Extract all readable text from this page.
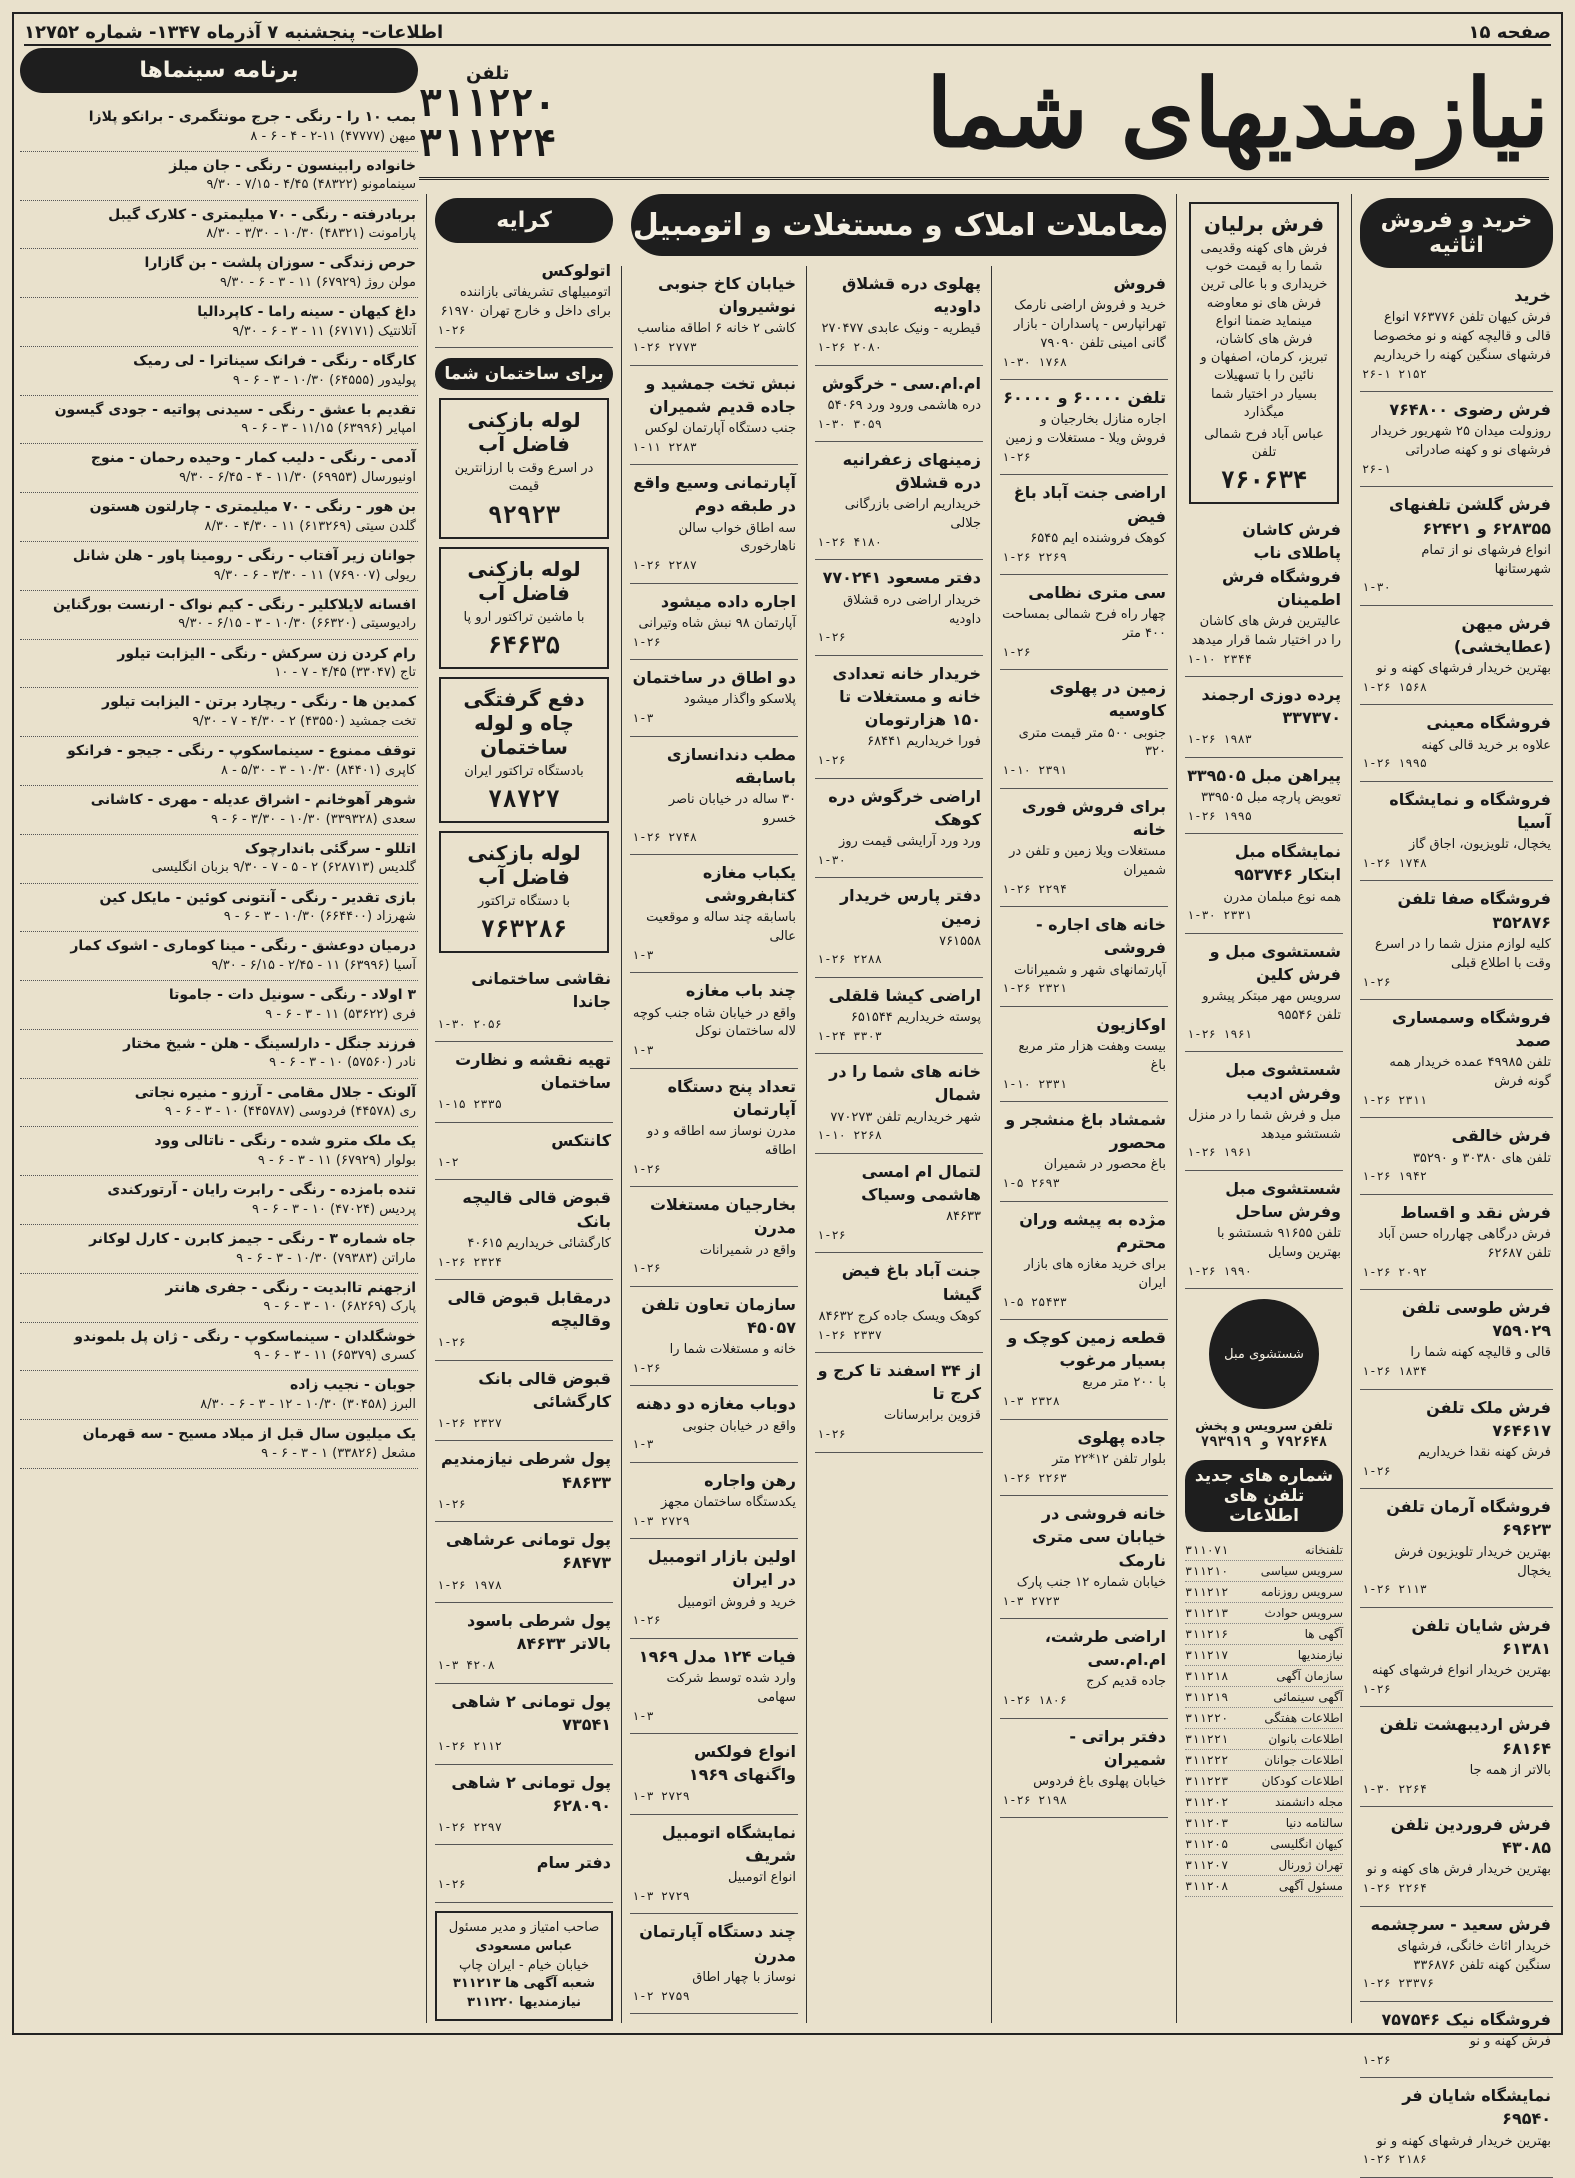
صفحه ۱۵
اطلاعات- پنجشنبه ۷ آذرماه ۱۳۴۷- شماره ۱۲۷۵۲
نیازمندیهای شما
تلفن
۳۱۱۲۲۰
۳۱۱۲۲۴
خرید و فروش اثاثیه
خرید
فرش کیهان تلفن ۷۶۳۷۷۶ انواع قالی و قالیچه کهنه و نو مخصوصا فرشهای سنگین کهنه را خریداریم
۲۶-۱ ۲۱۵۲
فرش رضوی ۷۶۴۸۰۰
روزولت میدان ۲۵ شهریور خریدار فرشهای نو و کهنه صادراتی
۲۶-۱
فرش گلشن تلفنهای ۶۲۸۳۵۵ و ۶۲۴۲۱
انواع فرشهای نو از تمام شهرستانها
۱-۳۰
فرش میهن (عطایخشی)
بهترین خریدار فرشهای کهنه و نو
۱-۲۶ ۱۵۶۸
فروشگاه معینی
علاوه بر خرید قالی کهنه
۱-۲۶ ۱۹۹۵
فروشگاه و نمایشگاه آسیا
یخچال، تلویزیون، اجاق گاز
۱-۲۶ ۱۷۴۸
فروشگاه صفا تلفن ۳۵۲۸۷۶
کلیه لوازم منزل شما را در اسرع وقت با اطلاع قبلی
۱-۲۶
فروشگاه وسمساری صمد
تلفن ۴۹۹۸۵ عمده خریدار همه گونه فرش
۱-۲۶ ۲۳۱۱
فرش خالقی
تلفن های ۳۰۳۸۰ و ۳۵۲۹۰
۱-۲۶ ۱۹۴۲
فرش نقد و اقساط
فرش درگاهی چهارراه حسن آباد تلفن ۶۲۶۸۷
۱-۲۶ ۲۰۹۲
فرش طوسی تلفن ۷۵۹۰۲۹
قالی و قالیچه کهنه شما را
۱-۲۶ ۱۸۳۴
فرش ملک تلفن ۷۶۴۶۱۷
فرش کهنه نقدا خریداریم
۱-۲۶
فروشگاه آرمان تلفن ۶۹۶۲۳
بهترین خریدار تلویزیون فرش یخچال
۱-۲۶ ۲۱۱۳
فرش شایان تلفن ۶۱۳۸۱
بهترین خریدار انواع فرشهای کهنه
۱-۲۶
فرش اردیبهشت تلفن ۶۸۱۶۴
بالاتر از همه جا
۱-۳۰ ۲۲۶۴
فرش فروردین تلفن ۴۳۰۸۵
بهترین خریدار فرش های کهنه و نو
۱-۲۶ ۲۲۶۴
فرش سعید - سرچشمه
خریدار اثاث خانگی، فرشهای سنگین کهنه تلفن ۳۳۶۸۷۶
۱-۲۶ ۲۳۳۷۶
فروشگاه نیک ۷۵۷۵۴۶
فرش کهنه و نو
۱-۲۶
نمایشگاه شایان فر ۶۹۵۴۰
بهترین خریدار فرشهای کهنه و نو
۱-۲۶ ۲۱۸۶
فرش برلیان
فرش های کهنه وقدیمی شما را به قیمت خوب خریداری و با عالی ترین فرش های نو معاوضه مینماید ضمنا انواع فرش های کاشان، تبریز، کرمان، اصفهان و نائین را با تسهیلات بسیار در اختیار شما میگذارد
عباس آباد فرح شمالی تلفن
۷۶۰۶۳۴
فرش کاشان پاطلای ناب فروشگاه فرش اطمینان
عالیترین فرش های کاشان را در اختیار شما قرار میدهد
۱-۱۰ ۲۳۴۴
پرده دوزی ارجمند ۳۳۷۳۷۰
۱-۲۶ ۱۹۸۳
پیراهن مبل ۳۳۹۵۰۵
تعویض پارچه مبل ۳۳۹۵۰۵
۱-۲۶ ۱۹۹۵
نمایشگاه مبل ابتکار ۹۵۳۷۴۶
همه نوع مبلمان مدرن
۱-۳۰ ۲۳۳۱
شستشوی مبل و فرش کلین
سرویس مهر مبتکر پیشرو تلفن ۹۵۵۴۶
۱-۲۶ ۱۹۶۱
شستشوی مبل وفرش ادیب
مبل و فرش شما را در منزل شستشو میدهد
۱-۲۶ ۱۹۶۱
شستشوی مبل وفرش ساحل
تلفن ۹۱۶۵۵ شستشو با بهترین وسایل
۱-۲۶ ۱۹۹۰
شستشوی مبل
تلفن سرویس و پخش
۷۹۲۶۴۸ و ۷۹۳۹۱۹
شماره های جدید تلفن های اطلاعات
تلفنخانه
۳۱۱۰۷۱
سرویس سیاسی
۳۱۱۲۱۰
سرویس روزنامه
۳۱۱۲۱۲
سرویس حوادث
۳۱۱۲۱۳
آگهی ها
۳۱۱۲۱۶
نیازمندیها
۳۱۱۲۱۷
سازمان آگهی
۳۱۱۲۱۸
آگهی سینمائی
۳۱۱۲۱۹
اطلاعات هفتگی
۳۱۱۲۲۰
اطلاعات بانوان
۳۱۱۲۲۱
اطلاعات جوانان
۳۱۱۲۲۲
اطلاعات کودکان
۳۱۱۲۲۳
مجله دانشمند
۳۱۱۲۰۲
سالنامه دنیا
۳۱۱۲۰۳
کیهان انگلیسی
۳۱۱۲۰۵
تهران ژورنال
۳۱۱۲۰۷
مسئول آگهی
۳۱۱۲۰۸
معاملات املاک و مستغلات و اتومبیل
فروش
خرید و فروش اراضی نارمک تهرانپارس - پاسداران - بازار گانی امینی تلفن ۷۹۰۹۰
۱-۳۰ ۱۷۶۸
تلفن ۶۰۰۰۰ و ۶۰۰۰۰
اجاره منازل بخارجیان و فروش ویلا - مستغلات و زمین
۱-۲۶
اراضی جنت آباد باغ فیض
کوهک فروشنده ایم ۶۵۴۵
۱-۲۶ ۲۲۶۹
سی متری نظامی
چهار راه فرح شمالی بمساحت ۴۰۰ متر
۱-۲۶
زمین در پهلوی کاوسیه
جنوبی ۵۰۰ متر قیمت متری ۳۲۰
۱-۱۰ ۲۳۹۱
برای فروش فوری خانه
مستغلات ویلا زمین و تلفن در شمیران
۱-۲۶ ۲۲۹۴
خانه های اجاره - فروشی
آپارتمانهای شهر و شمیرانات
۱-۲۶ ۲۳۲۱
اوکازیون
بیست وهفت هزار متر مربع باغ
۱-۱۰ ۲۳۳۱
شمشاد باغ منشجر و محصور
باغ محصور در شمیران
۱-۵ ۲۶۹۳
مژده به پیشه وران محترم
برای خرید مغازه های بازار ایران
۱-۵ ۲۵۴۳۳
قطعه زمین کوچک و بسیار مرغوب
با ۲۰۰ متر مربع
۱-۳ ۲۳۲۸
جاده پهلوی
بلوار تلفن ۱۲*۲۲ متر
۱-۲۶ ۲۲۶۳
خانه فروشی در خیابان سی متری نارمک
خیابان شماره ۱۲ جنب پارک
۱-۳ ۲۷۲۳
اراضی طرشت، ام.ام.سی
جاده قدیم کرج
۱-۲۶ ۱۸۰۶
دفتر براتی - شمیران
خیابان پهلوی باغ فردوس
۱-۲۶ ۲۱۹۸
پهلوی دره قشلاق داودیه
قیطریه - ونیک عابدی ۲۷۰۴۷۷
۱-۲۶ ۲۰۸۰
ام.ام.سی - خرگوش
دره هاشمی ورود ورد ۵۴۰۶۹
۱-۳۰ ۳۰۵۹
زمینهای زعفرانیه دره قشلاق
خریداریم اراضی بازرگانی جلالی
۱-۲۶ ۴۱۸۰
دفتر مسعود ۷۷۰۲۴۱
خریدار اراضی دره قشلاق داودیه
۱-۲۶
خریدار خانه تعدادی خانه و مستغلات تا ۱۵۰ هزارتومان
فورا خریداریم ۶۸۴۴۱
۱-۲۶
اراضی خرگوش دره کوهک
ورد ورد آرایشی قیمت روز
۱-۳۰
دفتر پارس خریدار زمین
۷۶۱۵۵۸
۱-۲۶ ۲۲۸۸
اراضی کیشا قلقلی
پوسته خریداریم ۶۵۱۵۴۴
۱-۲۴ ۳۳۰۳
خانه های شما را در شمال
شهر خریداریم تلفن ۷۷۰۲۷۳
۱-۱۰ ۲۲۶۸
لتمال ام امسی هاشمی وسیاک
۸۴۶۳۳
۱-۲۶
جنت آباد باغ فیض گیشا
کوهک ویسک جاده کرج ۸۴۶۳۲
۱-۲۶ ۲۳۳۷
از ۳۴ اسفند تا کرج و کرج تا
قزوین برابرسانات
۱-۲۶
خیابان کاخ جنوبی نوشیروان
کاشی ۲ خانه ۶ اطاقه مناسب
۱-۲۶ ۲۷۷۳
نبش تخت جمشید و جاده قدیم شمیران
جنب دستگاه آپارتمان لوکس
۱-۱۱ ۲۲۸۳
آپارتمانی وسیع واقع در طبقه دوم
سه اطاق خواب سالن ناهارخوری
۱-۲۶ ۲۲۸۷
اجاره داده میشود
آپارتمان ۹۸ نبش شاه وتیرانی
۱-۲۶
دو اطاق در ساختمان
پلاسکو واگذار میشود
۱-۳
مطب دندانسازی باسابقه
۳۰ ساله در خیابان ناصر خسرو
۱-۲۶ ۲۷۴۸
یکباب مغازه کتابفروشی
باسابقه چند ساله و موقعیت عالی
۱-۳
چند باب مغازه
واقع در خیابان شاه جنب کوچه لاله ساختمان نوکل
۱-۳
تعداد پنج دستگاه آپارتمان
مدرن نوساز سه اطاقه و دو اطاقه
۱-۲۶
بخارجیان مستغلات مدرن
واقع در شمیرانات
۱-۲۶
سازمان تعاون تلفن ۴۵۰۵۷
خانه و مستغلات شما را
۱-۲۶
دوباب مغازه دو دهنه
واقع در خیابان جنوبی
۱-۳
رهن واجاره
یکدستگاه ساختمان مجهز
۱-۳ ۲۷۲۹
اولین بازار اتومبیل در ایران
خرید و فروش اتومبیل
۱-۲۶
فیات ۱۲۴ مدل ۱۹۶۹
وارد شده توسط شرکت سهامی
۱-۳
انواع فولکس واگنهای ۱۹۶۹
۱-۳ ۲۷۲۹
نمایشگاه اتومبیل شریف
انواع اتومبیل
۱-۳ ۲۷۲۹
چند دستگاه آپارتمان مدرن
نوساز با چهار اطاق
۱-۲ ۲۷۵۹
کرایه
اتولوکس
اتومبیلهای تشریفاتی بازاننده برای داخل و خارج تهران ۶۱۹۷۰
۱-۲۶
برای ساختمان شما
لوله بازکنی فاضل آب
در اسرع وقت با ارزانترین قیمت
۹۲۹۲۳
لوله بازکنی فاضل آب
با ماشین تراکتور ارو پا
۶۴۶۳۵
دفع گرفتگی چاه و لوله ساختمان
بادستگاه تراکتور ایران
۷۸۷۲۷
لوله بازکنی فاضل آب
با دستگاه تراکتور
۷۶۳۲۸۶
نقاشی ساختمانی جاندا
۱-۳۰ ۲۰۵۶
تهیه نقشه و نظارت ساختمان
۱-۱۵ ۲۳۳۵
کانتکس
۱-۲
قبوض قالی قالیچه بانک
کارگشائی خریداریم ۴۰۶۱۵
۱-۲۶ ۲۳۲۴
درمقابل قبوض قالی وقالیچه
۱-۲۶
قبوض قالی بانک کارگشائی
۱-۲۶ ۲۳۲۷
پول شرطی نیازمندیم ۴۸۶۳۳
۱-۲۶
پول تومانی عرشاهی ۶۸۴۷۳
۱-۲۶ ۱۹۷۸
پول شرطی باسود بالاتر ۸۴۶۳۳
۱-۳ ۴۲۰۸
پول تومانی ۲ شاهی ۷۳۵۴۱
۱-۲۶ ۲۱۱۲
پول تومانی ۲ شاهی ۶۲۸۰۹۰
۱-۲۶ ۲۲۹۷
دفتر سام
۱-۲۶
صاحب امتیاز و مدیر مسئول
عباس مسعودی
خیابان خیام - ایران چاپ
شعبه آگهی ها ۳۱۱۲۱۳
نیازمندیها ۳۱۱۲۲۰
برنامه سینماها
بمب ۱۰ را - رنگی - جرج مونتگمری - برانکو پلازا
میهن (۴۷۷۷۷) ۱۱-۲ - ۴ - ۶ - ۸
خانواده رابینسون - رنگی - جان میلز
سینمامونو (۴۸۳۲۲) ۴/۴۵ - ۷/۱۵ - ۹/۳۰
بربادرفته - رنگی - ۷۰ میلیمتری - کلارک گیبل
پارامونت (۴۸۳۲۱) ۱۰/۳۰ - ۳/۳۰ - ۸/۳۰
حرص زندگی - سوزان پلشت - بن گازارا
مولن روژ (۶۷۹۲۹) ۱۱ - ۳ - ۶ - ۹/۳۰
داغ کیهان - سینه راما - کاپردالیا
آتلانتیک (۶۷۱۷۱) ۱۱ - ۳ - ۶ - ۹/۳۰
کارگاه - رنگی - فرانک سیناترا - لی رمیک
پولیدور (۶۴۵۵۵) ۱۰/۳۰ - ۳ - ۶ - ۹
تقدیم با عشق - رنگی - سیدنی پواتیه - جودی گیسون
امپایر (۶۳۹۹۶) ۱۱/۱۵ - ۳ - ۶ - ۹
آدمی - رنگی - دلیب کمار - وحیده رحمان - منوج
اونیورسال (۶۹۹۵۳) ۱۱/۳۰ - ۴ - ۶/۴۵ - ۹/۳۰
بن هور - رنگی - ۷۰ میلیمتری - چارلتون هستون
گلدن سیتی (۶۱۳۲۶۹) ۱۱ - ۴/۳۰ - ۸/۳۰
جوانان زیر آفتاب - رنگی - رومینا پاور - هلن شانل
ریولی (۷۶۹۰۰۷) ۱۱ - ۳/۳۰ - ۶ - ۹/۳۰
افسانه لایلاکلیر - رنگی - کیم نواک - ارنست بورگناین
رادیوسیتی (۶۶۳۲۰) ۱۰/۳۰ - ۳ - ۶/۱۵ - ۹/۳۰
رام کردن زن سرکش - رنگی - الیزابت تیلور
تاج (۳۳۰۴۷) ۴/۴۵ - ۷ - ۱۰
کمدین ها - رنگی - ریچارد برتن - الیزابت تیلور
تخت جمشید (۴۳۵۵۰) ۲ - ۴/۳۰ - ۷ - ۹/۳۰
توقف ممنوع - سینماسکوپ - رنگی - جیجو - فرانکو
کاپری (۸۴۴۰۱) ۱۰/۳۰ - ۳ - ۵/۳۰ - ۸
شوهر آهوخانم - اشراق عدیله - مهری - کاشانی
سعدی (۳۳۹۳۲۸) ۱۰/۳۰ - ۳/۳۰ - ۶ - ۹
اتللو - سرگئی باندارچوک
گلدیس (۶۲۸۷۱۳) ۲ - ۵ - ۷ - ۹/۳۰ بزبان انگلیسی
بازی تقدیر - رنگی - آنتونی کوئین - مایکل کین
شهرزاد (۶۶۴۴۰۰) ۱۰/۳۰ - ۳ - ۶ - ۹
درمیان دوعشق - رنگی - مینا کوماری - اشوک کمار
آسیا (۶۳۹۹۶) ۱۱ - ۲/۴۵ - ۶/۱۵ - ۹/۳۰
۳ اولاد - رنگی - سونیل دات - جاموتا
فری (۵۳۶۲۲) ۱۱ - ۳ - ۶ - ۹
فرزند جنگل - دارلسینگ - هلن - شیخ مختار
نادر (۵۷۵۶۰) ۱۰ - ۳ - ۶ - ۹
آلونک - جلال مقامی - آرزو - منیره نجاتی
ری (۴۴۵۷۸) فردوسی (۴۴۵۷۸۷) ۱۰ - ۳ - ۶ - ۹
یک ملک مترو شده - رنگی - ناتالی وود
بولوار (۶۷۹۲۹) ۱۱ - ۳ - ۶ - ۹
تنده بامزده - رنگی - رابرت رایان - آرتورکندی
پردیس (۴۷۰۲۴) ۱۰ - ۳ - ۶ - ۹
جاه شماره ۳ - رنگی - جیمز کابرن - کارل لوکانر
ماراتن (۷۹۳۸۳) ۱۰/۳۰ - ۳ - ۶ - ۹
ازجهنم تاابدیت - رنگی - جفری هانتر
پارک (۶۸۲۶۹) ۱۰ - ۳ - ۶ - ۹
خوشگلدان - سینماسکوپ - رنگی - ژان پل بلموندو
کسری (۶۵۳۷۹) ۱۱ - ۳ - ۶ - ۹
جوبان - نجیب زاده
البرز (۳۰۴۵۸) ۱۰/۳۰ - ۱۲ - ۳ - ۶ - ۸/۳۰
یک میلیون سال قبل از میلاد مسیح - سه قهرمان
مشعل (۳۳۸۲۶) ۱ - ۳ - ۶ - ۹
